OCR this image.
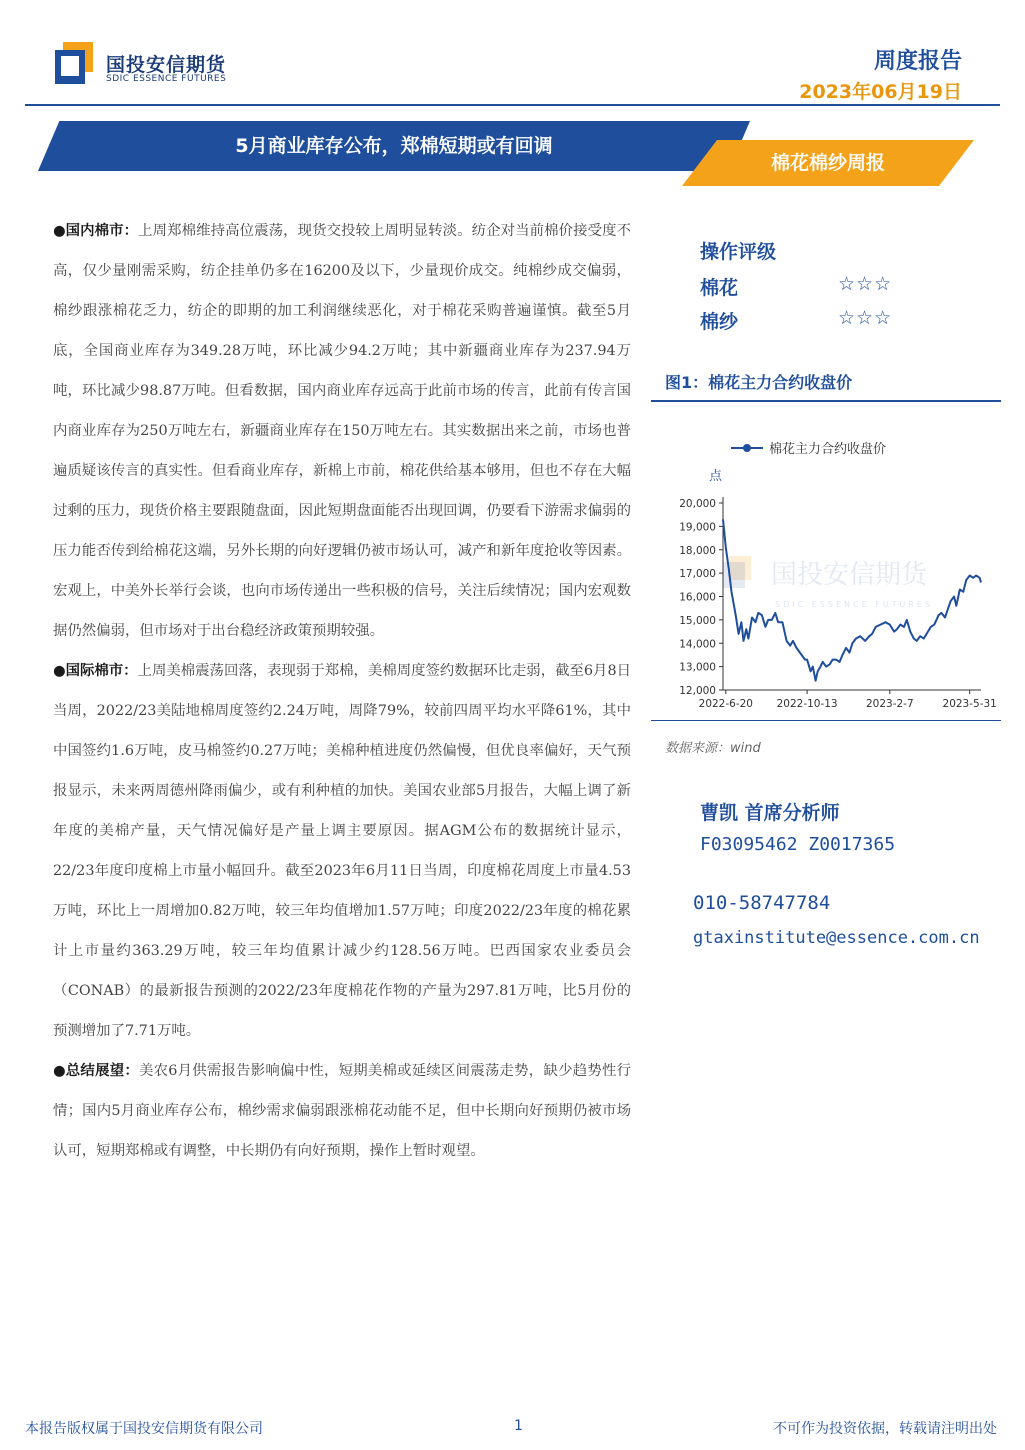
国投安信期货
SDIC ESSENCE FUTURES
周度报告
2023年06月19日
5月商业库存公布，郑棉短期或有回调
棉花棉纱周报

●国内棉市：上周郑棉维持高位震荡，现货交投较上周明显转淡。纺企对当前棉价接受度不高，仅少量刚需采购，纺企挂单仍多在16200及以下，少量现价成交。纯棉纱成交偏弱，棉纱跟涨棉花乏力，纺企的即期的加工利润继续恶化，对于棉花采购普遍谨慎。截至5月底，全国商业库存为349.28万吨，环比减少94.2万吨；其中新疆商业库存为237.94万吨，环比减少98.87万吨。但看数据，国内商业库存远高于此前市场的传言，此前有传言国内商业库存为250万吨左右，新疆商业库存在150万吨左右。其实数据出来之前，市场也普遍质疑该传言的真实性。但看商业库存，新棉上市前，棉花供给基本够用，但也不存在大幅过剩的压力，现货价格主要跟随盘面，因此短期盘面能否出现回调，仍要看下游需求偏弱的压力能否传到给棉花这端，另外长期的向好逻辑仍被市场认可，减产和新年度抢收等因素。宏观上，中美外长举行会谈，也向市场传递出一些积极的信号，关注后续情况；国内宏观数据仍然偏弱，但市场对于出台稳经济政策预期较强。

●国际棉市：上周美棉震荡回落，表现弱于郑棉，美棉周度签约数据环比走弱，截至6月8日当周，2022/23美陆地棉周度签约2.24万吨，周降79%，较前四周平均水平降61%，其中中国签约1.6万吨，皮马棉签约0.27万吨；美棉种植进度仍然偏慢，但优良率偏好，天气预报显示，未来两周德州降雨偏少，或有利种植的加快。美国农业部5月报告，大幅上调了新年度的美棉产量，天气情况偏好是产量上调主要原因。据AGM公布的数据统计显示，22/23年度印度棉上市量小幅回升。截至2023年6月11日当周，印度棉花周度上市量4.53万吨，环比上一周增加0.82万吨，较三年均值增加1.57万吨；印度2022/23年度的棉花累计上市量约363.29万吨，较三年均值累计减少约128.56万吨。巴西国家农业委员会（CONAB）的最新报告预测的2022/23年度棉花作物的产量为297.81万吨，比5月份的预测增加了7.71万吨。

●总结展望：美农6月供需报告影响偏中性，短期美棉或延续区间震荡走势，缺少趋势性行情；国内5月商业库存公布，棉纱需求偏弱跟涨棉花动能不足，但中长期向好预期仍被市场认可，短期郑棉或有调整，中长期仍有向好预期，操作上暂时观望。

操作评级
棉花	☆☆☆
棉纱	☆☆☆
图1：棉花主力合约收盘价
国投安信期货
SDIC ESSENCE FUTURES
棉花主力合约收盘价
点
12,000
13,000
14,000
15,000
16,000
17,000
18,000
19,000
20,000
2022-6-20 2022-10-13	2023-2-7	2023-5-31
数据来源：wind
曹凯 首席分析师
F03095462 Z0017365
010-58747784
gtaxinstitute@essence.com.cn
本报告版权属于国投安信期货有限公司	1	不可作为投资依据，转载请注明出处
